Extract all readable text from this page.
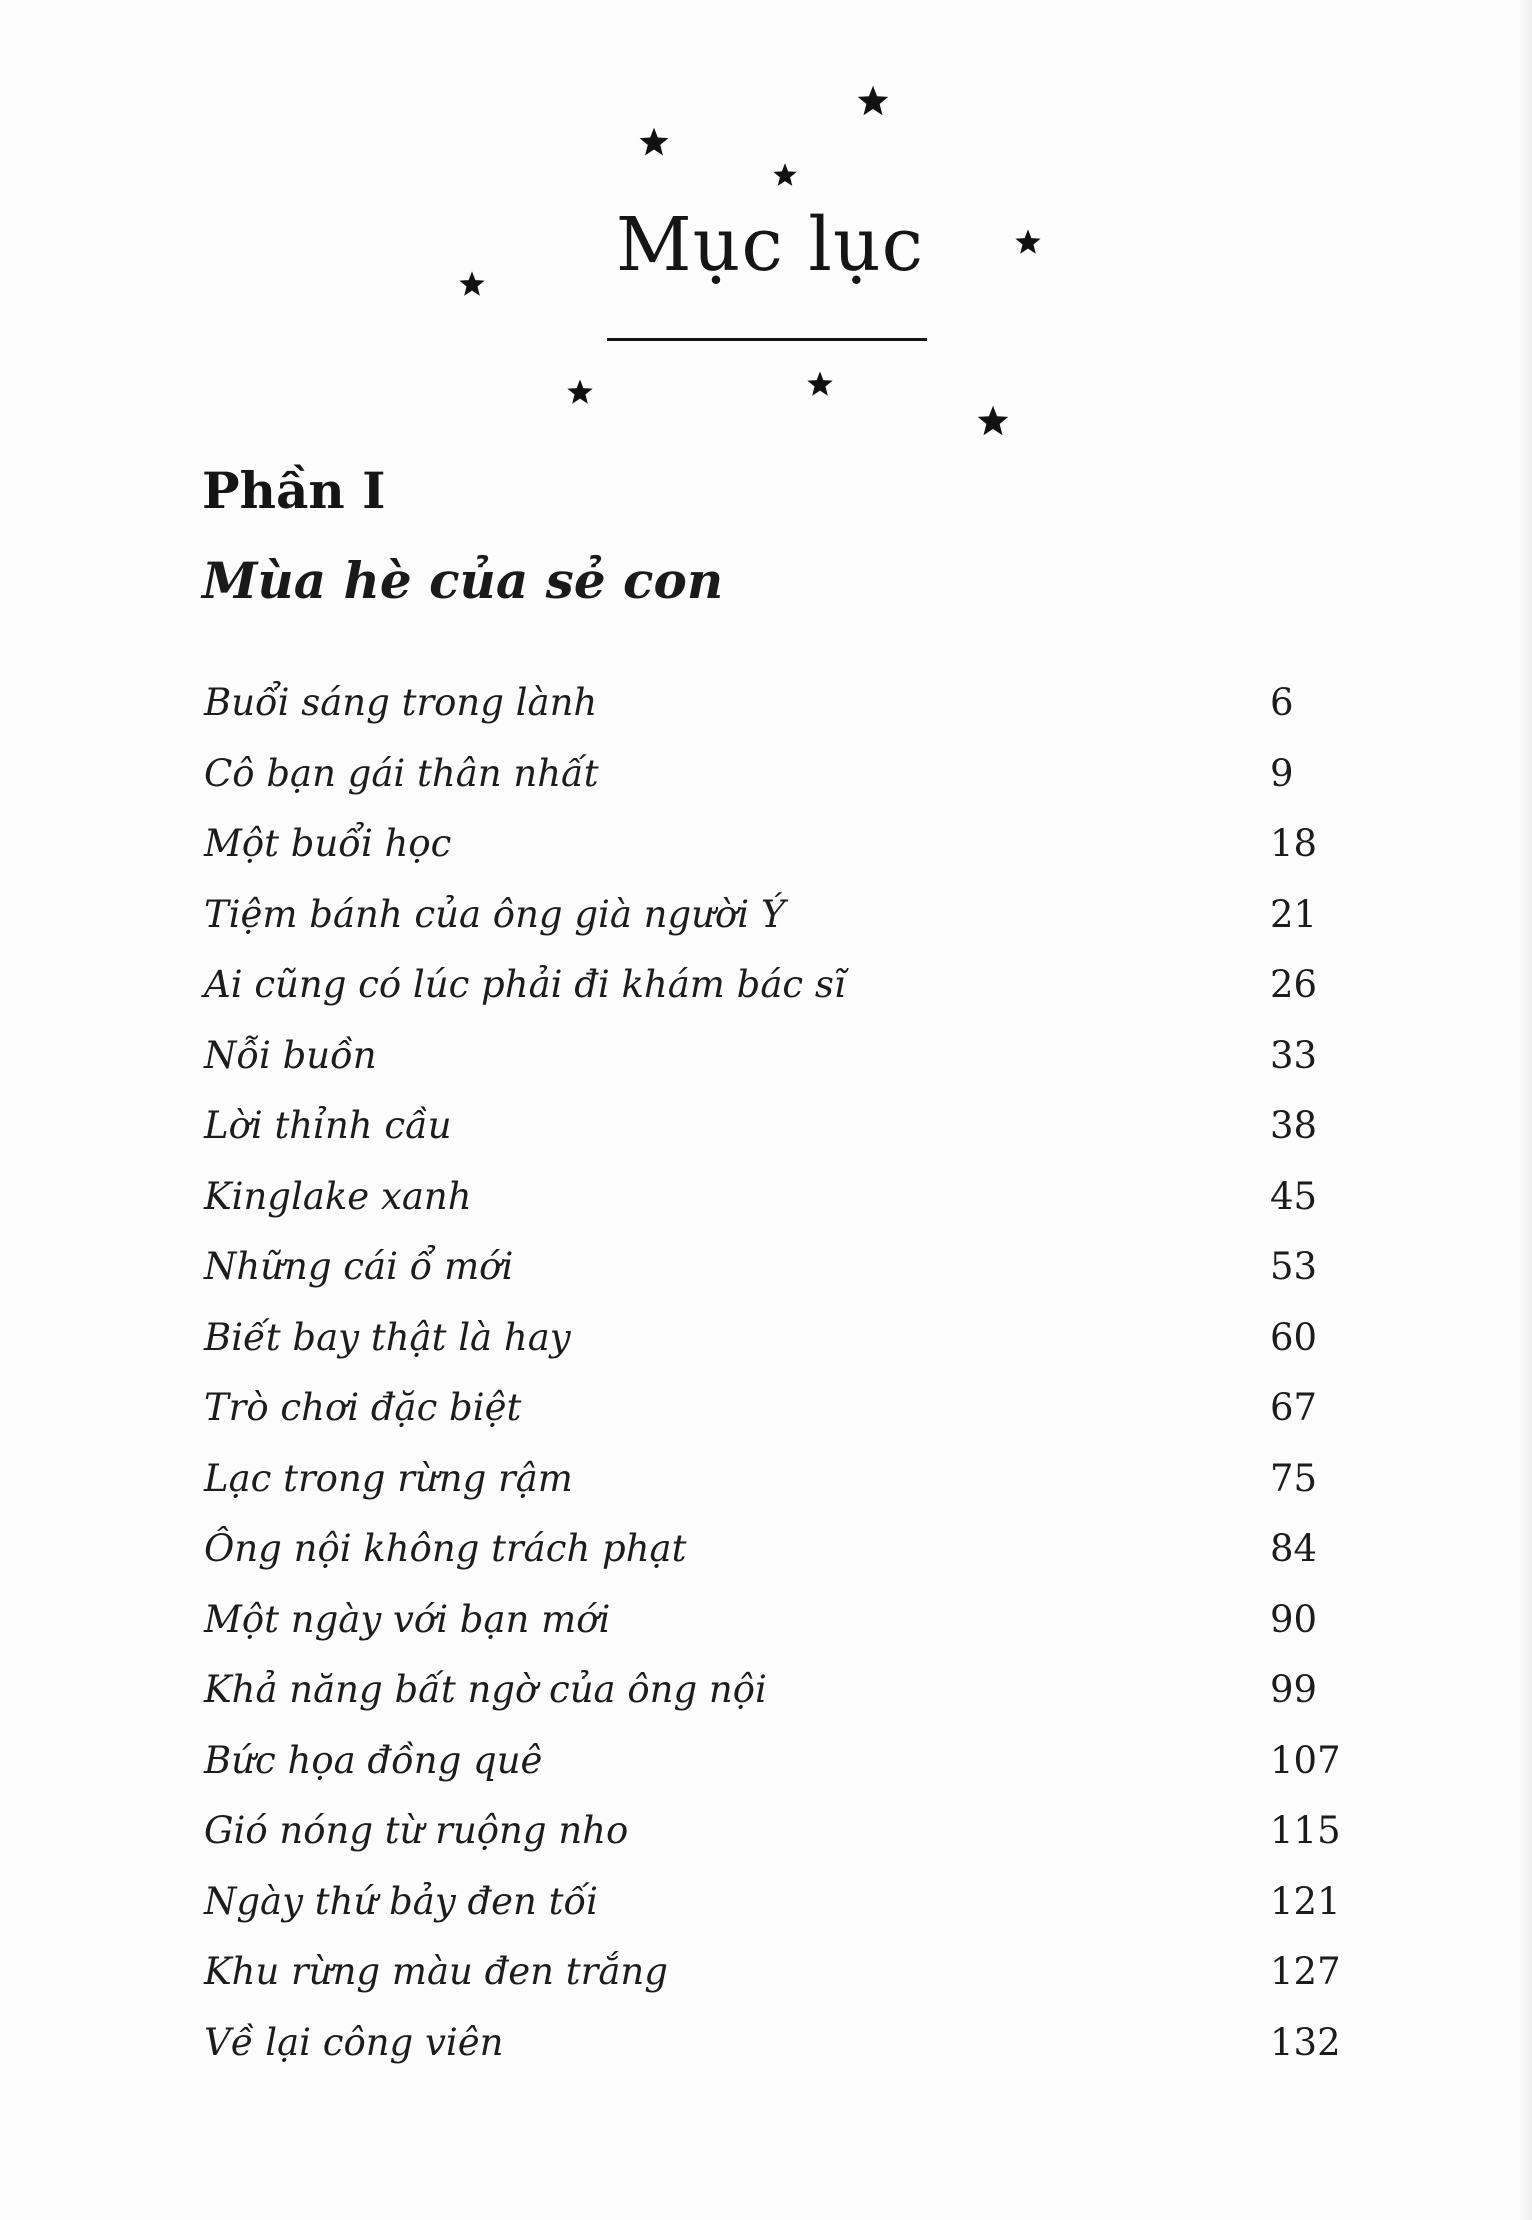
Mục lục
Phần I
Mùa hè của sẻ con
Buổi sáng trong lành	6
Cô bạn gái thân nhất	9
Một buổi học	18
Tiệm bánh của ông già người Ý	21
Ai cũng có lúc phải đi khám bác sĩ	26
Nỗi buồn	33
Lời thỉnh cầu	38
Kinglake xanh	45
Những cái ổ mới	53
Biết bay thật là hay	60
Trò chơi đặc biệt	67
Lạc trong rừng rậm	75
Ông nội không trách phạt	84
Một ngày với bạn mới	90
Khả năng bất ngờ của ông nội	99
Bức họa đồng quê	107
Gió nóng từ ruộng nho	115
Ngày thứ bảy đen tối	121
Khu rừng màu đen trắng	127
Về lại công viên	132
